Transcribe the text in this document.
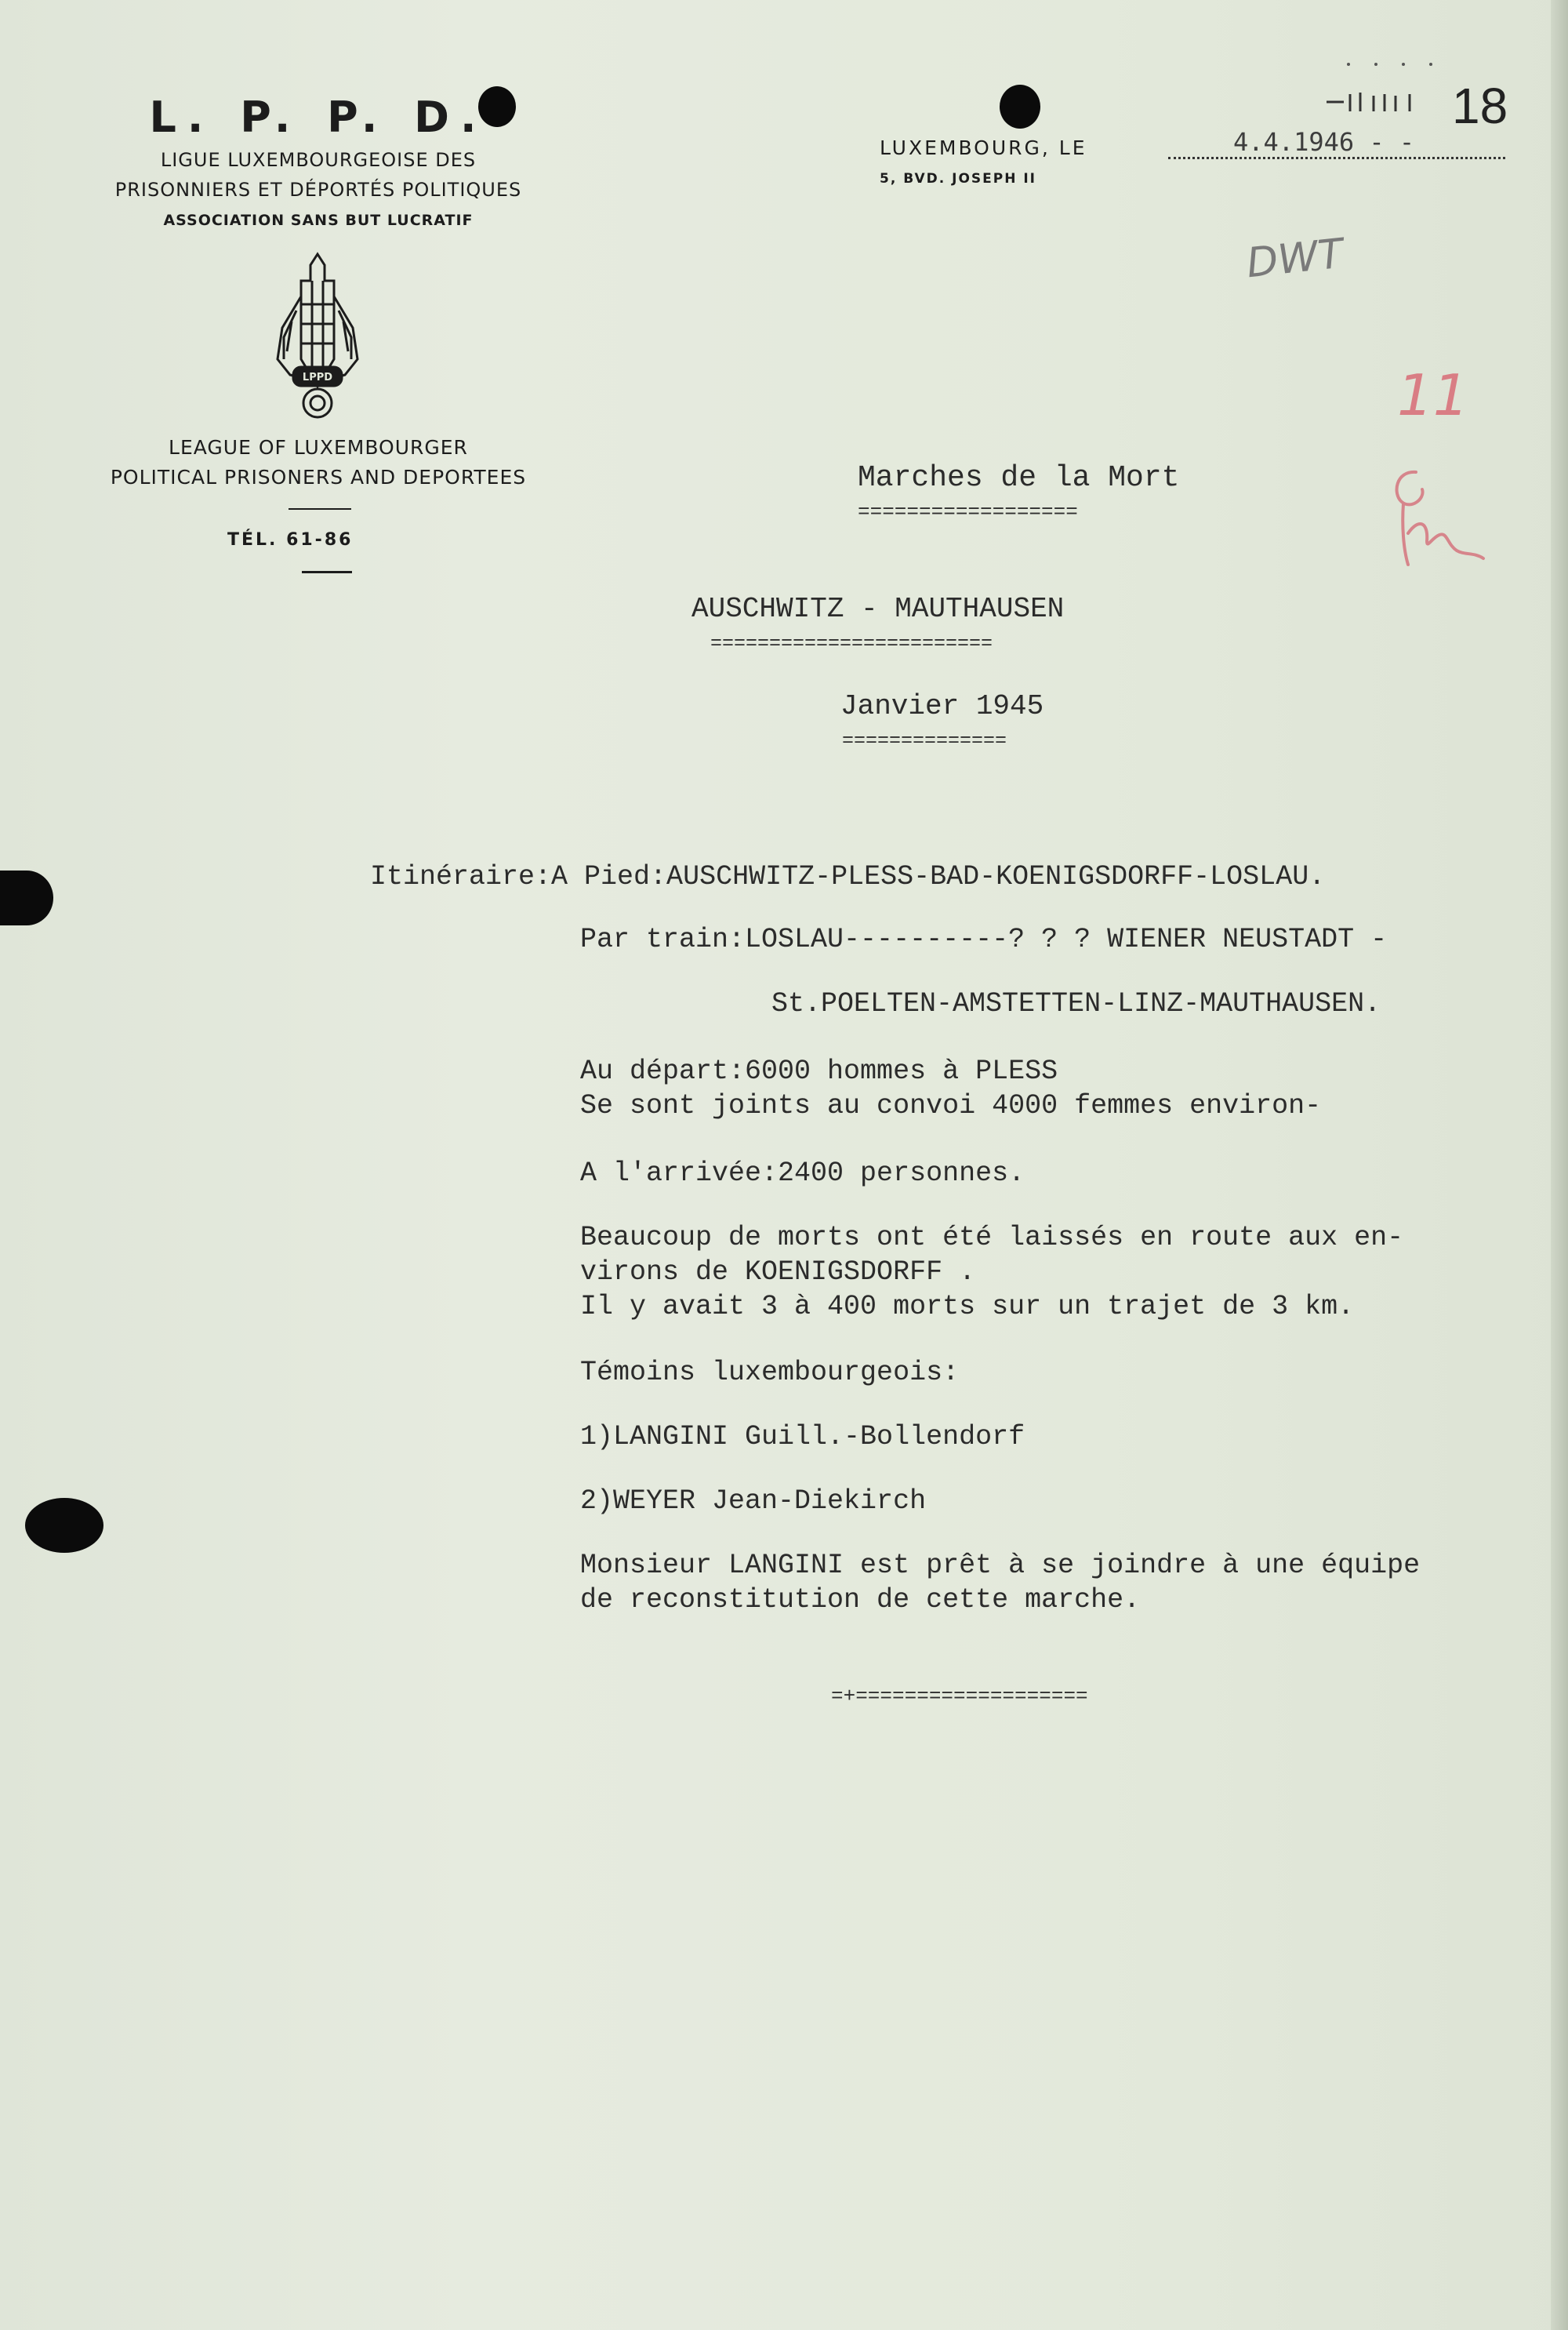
L. P. P. D.
LIGUE LUXEMBOURGEOISE DES
PRISONNIERS ET DÉPORTÉS POLITIQUES
ASSOCIATION SANS BUT LUCRATIF
LPPD
LEAGUE OF LUXEMBOURGER
POLITICAL PRISONERS AND DEPORTEES
TÉL. 61-86
LUXEMBOURG, LE	4.4.1946 - -
5, BVD. JOSEPH II
18
DWT
11
Marches de la Mort
==================
AUSCHWITZ - MAUTHAUSEN
========================
Janvier 1945
==============
Itinéraire:A Pied:AUSCHWITZ-PLESS-BAD-KOENIGSDORFF-LOSLAU.
Par train:LOSLAU----------? ? ? WIENER NEUSTADT -
St.POELTEN-AMSTETTEN-LINZ-MAUTHAUSEN.
Au départ:6000 hommes à PLESS
Se sont joints au convoi 4000 femmes environ-
A l'arrivée:2400 personnes.
Beaucoup de morts ont été laissés en route aux en-
virons de KOENIGSDORFF .
Il y avait 3 à 400 morts sur un trajet de 3 km.
Témoins luxembourgeois:
1)LANGINI Guill.-Bollendorf
2)WEYER Jean-Diekirch
Monsieur LANGINI est prêt à se joindre à une équipe
de reconstitution de cette marche.
=+===================
